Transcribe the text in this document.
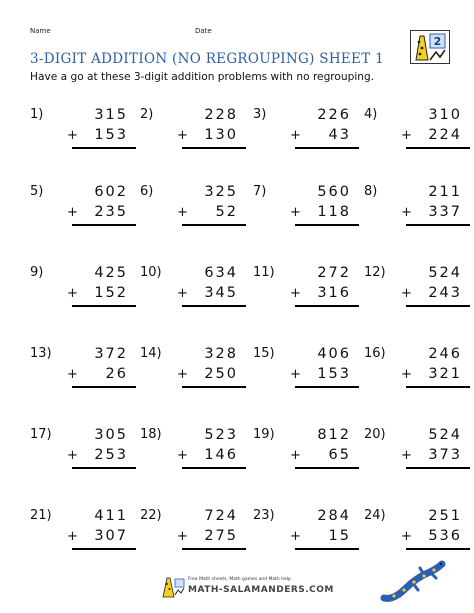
Name	Date
2
3-DIGIT ADDITION (NO REGROUPING) SHEET 1
Have a go at these 3-digit addition problems with no regrouping.
1)	315
+ 153
2)	228
+ 130
3)	226
+ 43
4)	310
+ 224
5)	602
+ 235
6)	325
+ 52
7)	560
+ 118
8)	211
+ 337
9)	425
+ 152
10)	634
+ 345
11)	272
+ 316
12)	524
+ 243
13)	372
+ 26
14)	328
+ 250
15)	406
+ 153
16)	246
+ 321
17)	305
+ 253
18)	523
+ 146
19)	812
+ 65
20)	524
+ 373
21)	411
+ 307
22)	724
+ 275
23)	284
+ 15
24)	251
+ 536
Free Math sheets, Math games and Math help
MATH-SALAMANDERS.COM
